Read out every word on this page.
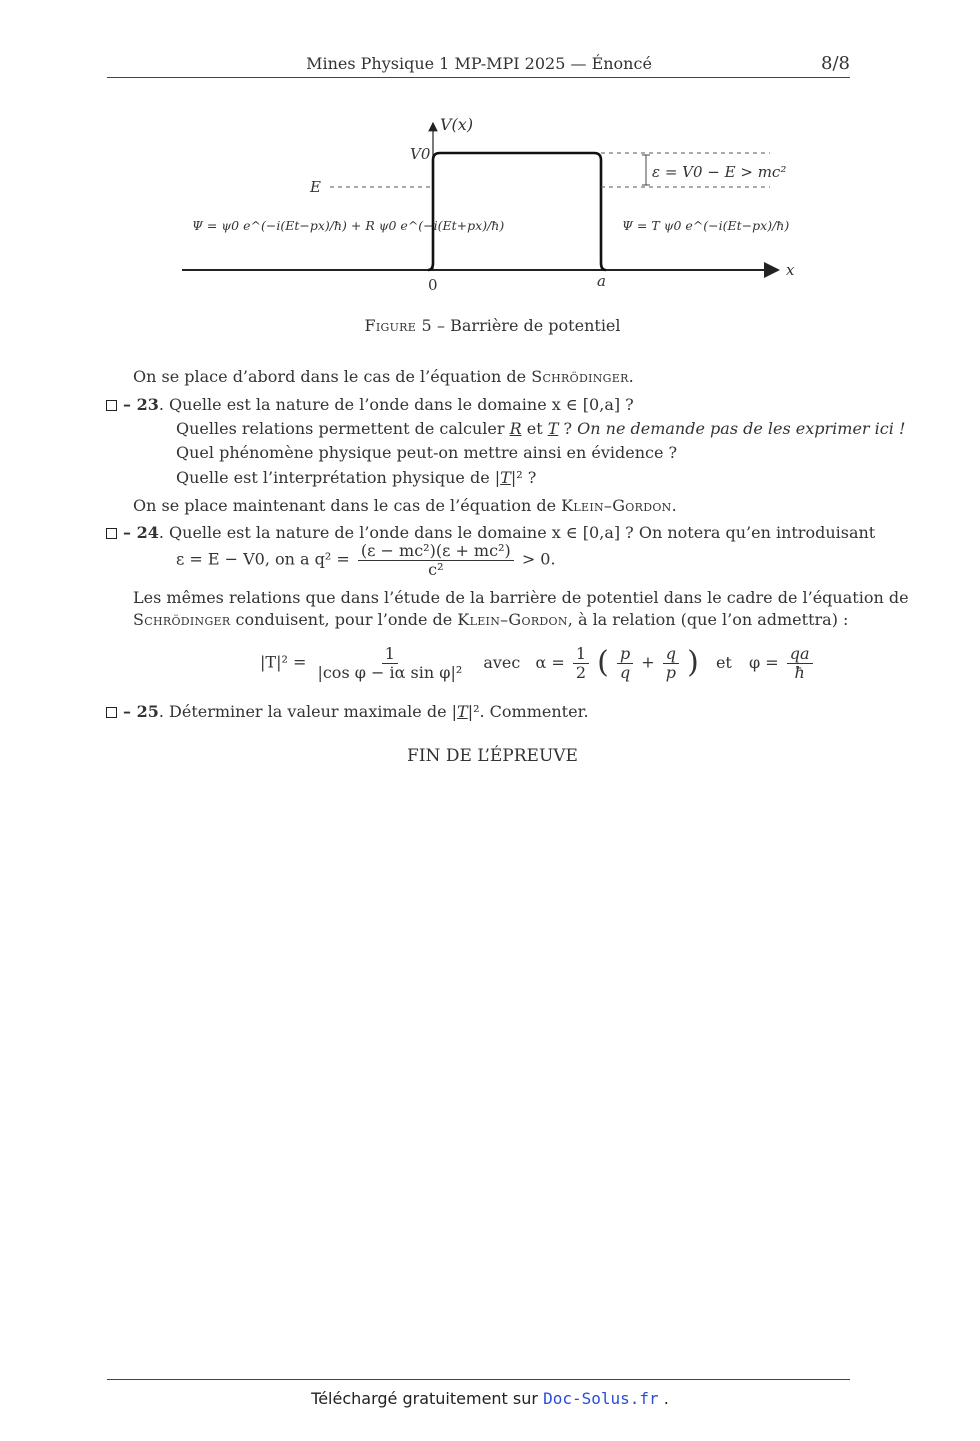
Mines Physique 1 MP-MPI 2025 — Énoncé	8/8
V(x)
x
V0
E
0	a
ε = V0 − E > mc²
Ψ = ψ0 e^(−i(Et−px)/ħ) + R ψ0 e^(−i(Et+px)/ħ)	Ψ = T ψ0 e^(−i(Et−px)/ħ)
Figure 5 – Barrière de potentiel
On se place d’abord dans le cas de l’équation de Schrödinger.
– 23. Quelle est la nature de l’onde dans le domaine x ∈ [0,a] ?
Quelles relations permettent de calculer R et T ? On ne demande pas de les exprimer ici !
Quel phénomène physique peut-on mettre ainsi en évidence ?
Quelle est l’interprétation physique de |T|² ?
On se place maintenant dans le cas de l’équation de Klein–Gordon.
– 24. Quelle est la nature de l’onde dans le domaine x ∈ [0,a] ? On notera qu’en introduisant
ε = E − V0, on a $q^2 = \frac{\text{(ε − mc²)(ε + mc²)}}{\text{c²}} > 0$.
Les mêmes relations que dans l’étude de la barrière de potentiel dans le cadre de l’équation de
Schrödinger conduisent, pour l’onde de Klein–Gordon, à la relation (que l’on admettra) :
$|T|^2 = \frac{1}{\text{|cos φ − iα sin φ|²}}$ avec $\alpha = \frac{1}{2}$ ( $\frac{p}{q} + \frac{q}{p}$ ) et $\varphi = \frac{qa}{ħ}$
– 25. Déterminer la valeur maximale de |T|². Commenter.
FIN DE L’ÉPREUVE
Téléchargé gratuitement sur Doc-Solus.fr .
